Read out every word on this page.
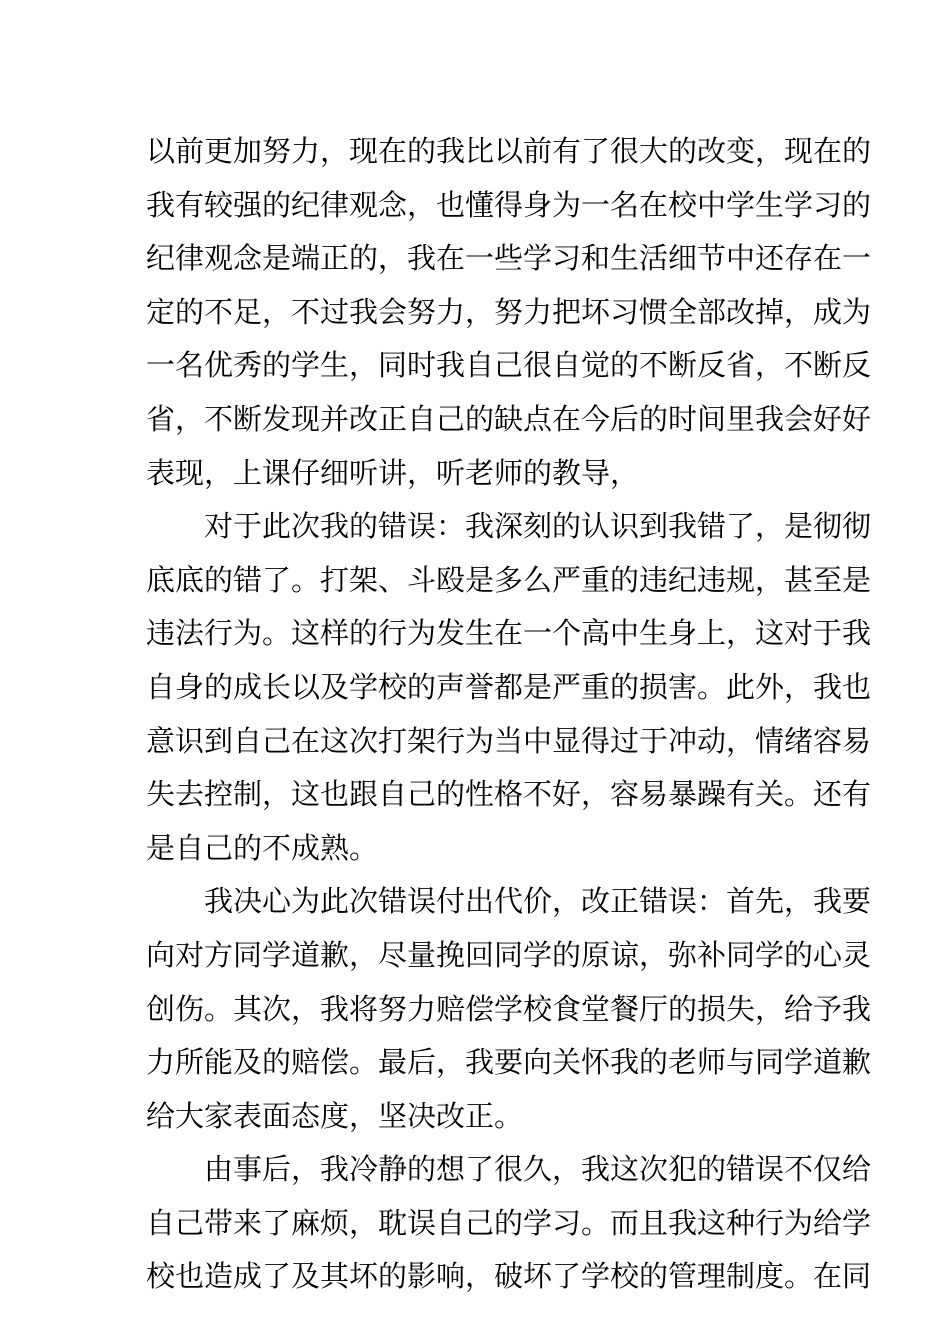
以前更加努力，现在的我比以前有了很大的改变，现在的
我有较强的纪律观念，也懂得身为一名在校中学生学习的
纪律观念是端正的，我在一些学习和生活细节中还存在一
定的不足，不过我会努力，努力把坏习惯全部改掉，成为
一名优秀的学生，同时我自己很自觉的不断反省，不断反
省，不断发现并改正自己的缺点在今后的时间里我会好好
表现，上课仔细听讲，听老师的教导，
对于此次我的错误：我深刻的认识到我错了，是彻彻
底底的错了。打架、斗殴是多么严重的违纪违规，甚至是
违法行为。这样的行为发生在一个高中生身上，这对于我
自身的成长以及学校的声誉都是严重的损害。此外，我也
意识到自己在这次打架行为当中显得过于冲动，情绪容易
失去控制，这也跟自己的性格不好，容易暴躁有关。还有
是自己的不成熟。
我决心为此次错误付出代价，改正错误：首先，我要
向对方同学道歉，尽量挽回同学的原谅，弥补同学的心灵
创伤。其次，我将努力赔偿学校食堂餐厅的损失，给予我
力所能及的赔偿。最后，我要向关怀我的老师与同学道歉
给大家表面态度，坚决改正。
由事后，我冷静的想了很久，我这次犯的错误不仅给
自己带来了麻烦，耽误自己的学习。而且我这种行为给学
校也造成了及其坏的影响，破坏了学校的管理制度。在同
